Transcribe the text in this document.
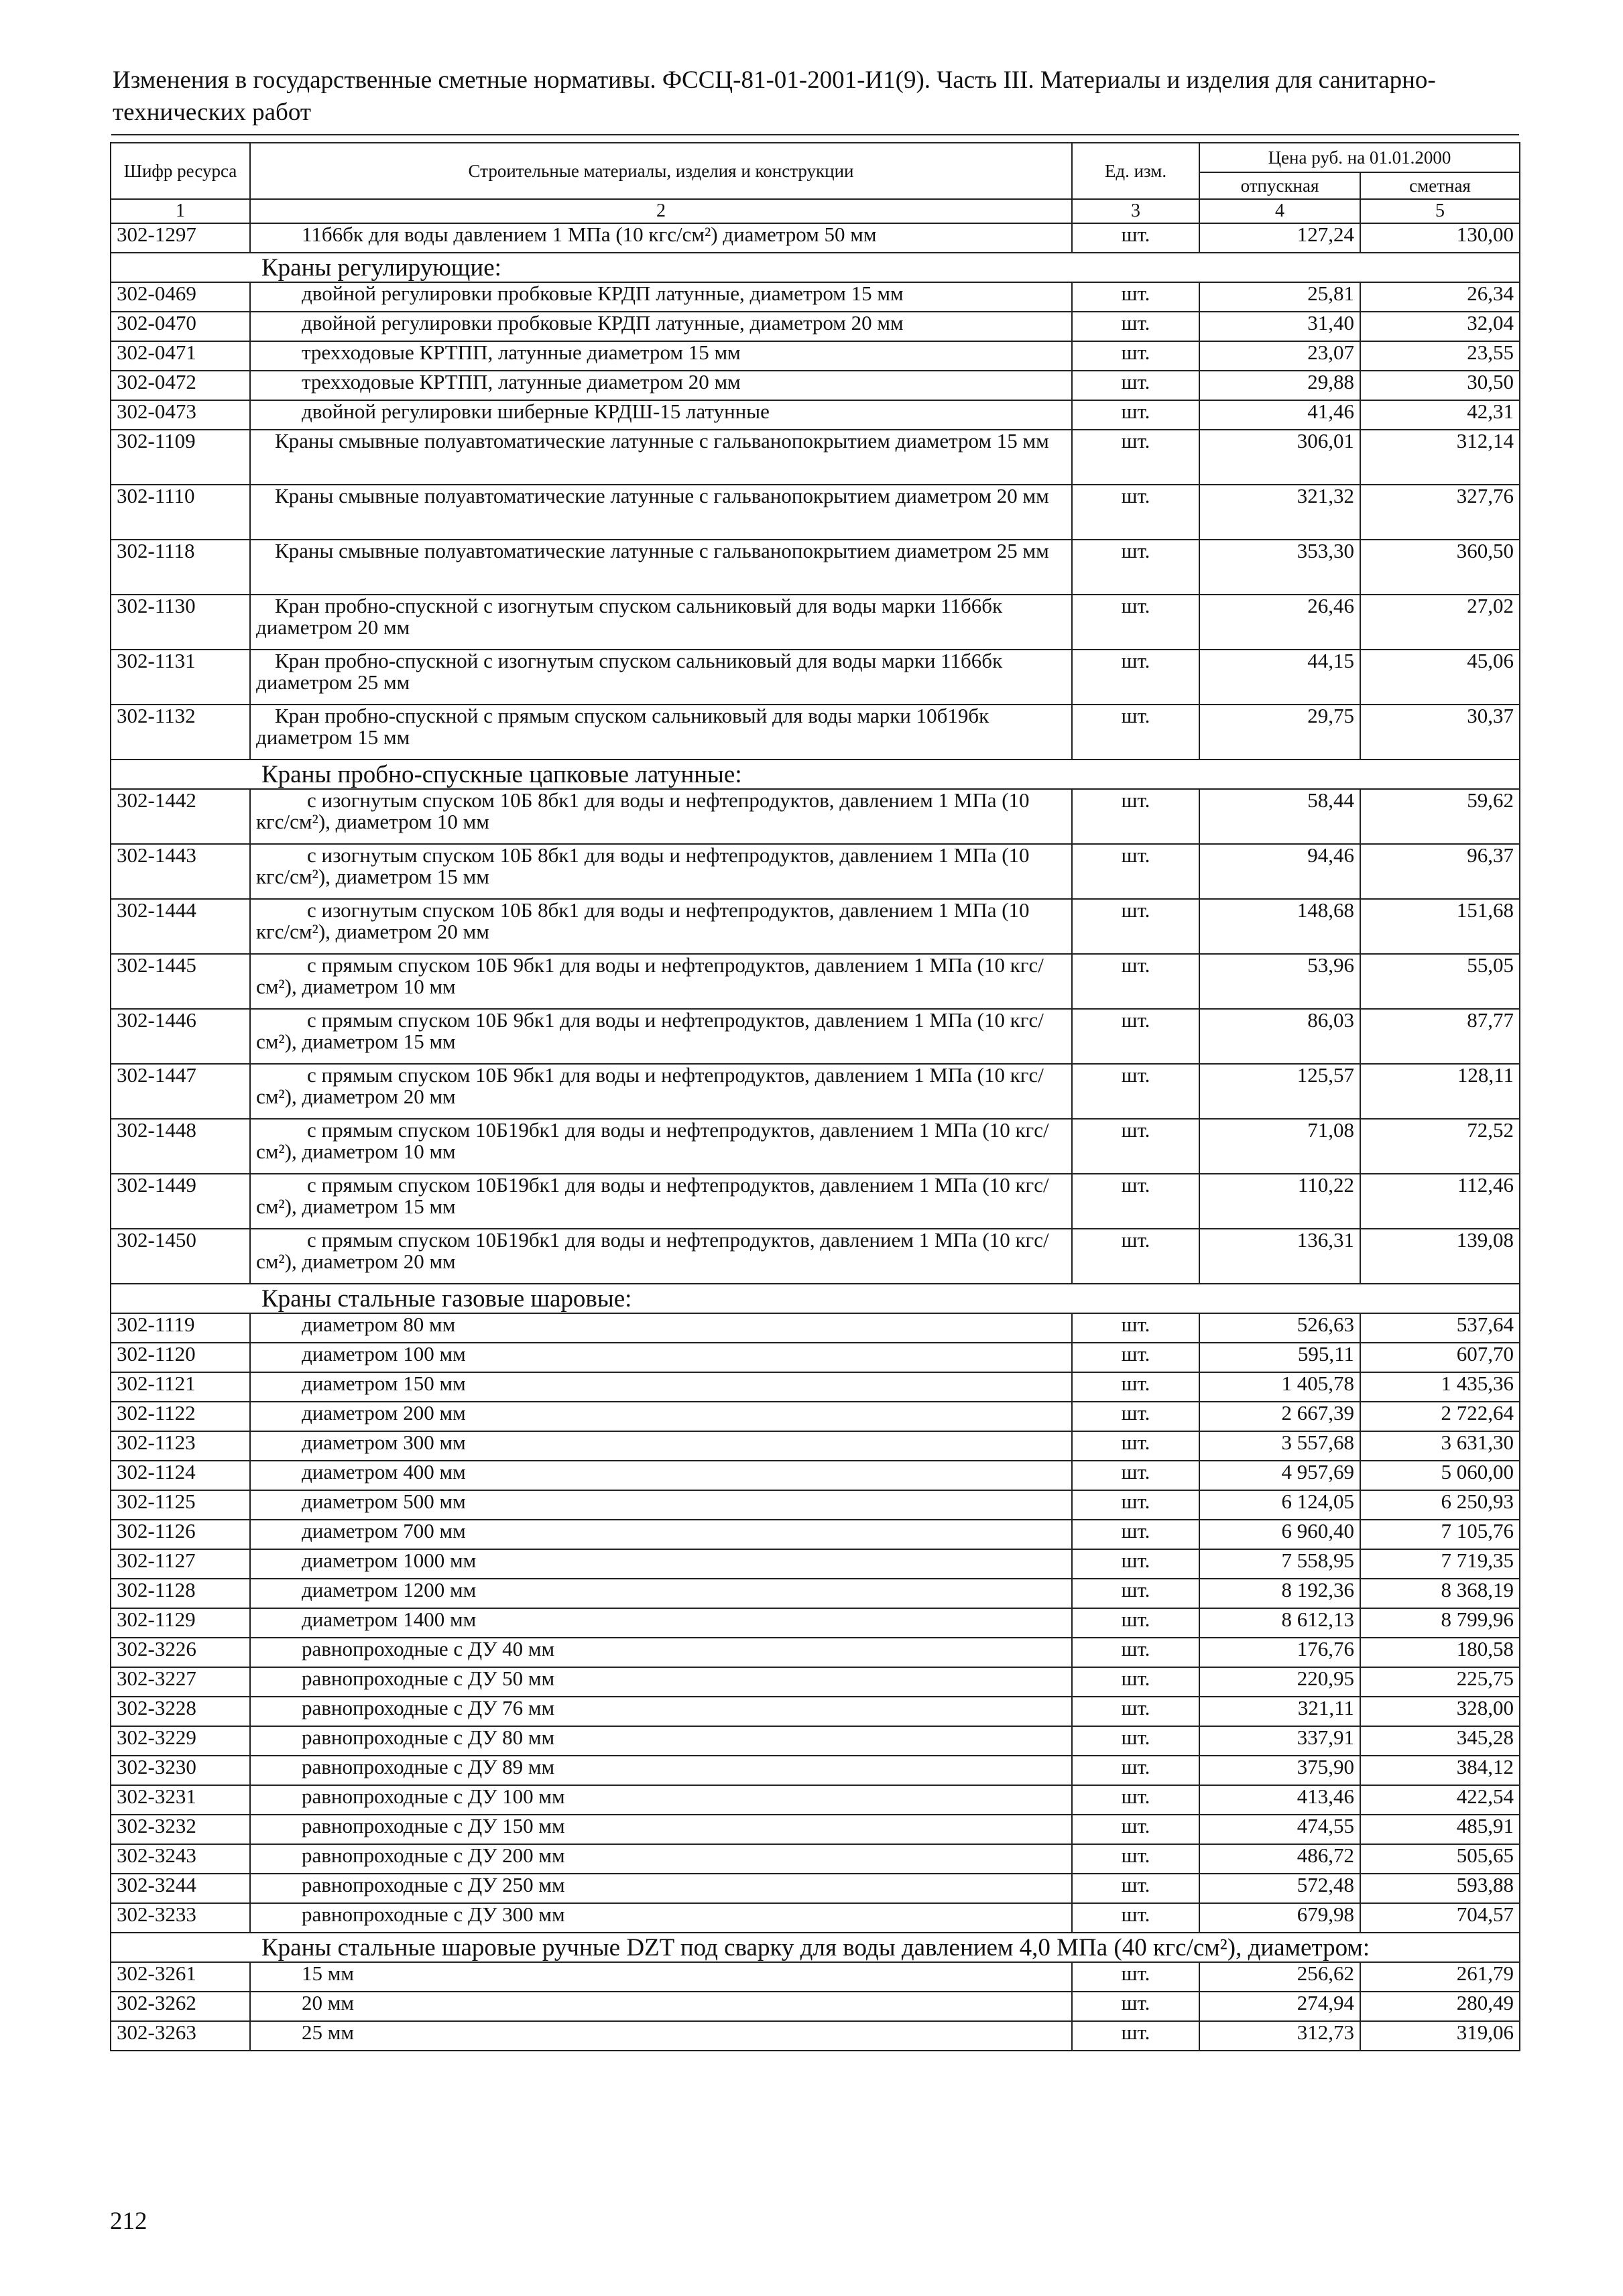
Изменения в государственные сметные нормативы. ФССЦ-81-01-2001-И1(9). Часть III. Материалы и изделия для санитарно-технических работ
Шифр ресурса	Строительные материалы, изделия и конструкции	Ед. изм.	Цена руб. на 01.01.2000	
			отпускная	сметная
1	2	3	4	5
302-1297	11б6бк для воды давлением 1 МПа (10 кгс/см²) диаметром 50 мм	шт.	127,24	130,00
Краны регулирующие:				
302-0469	двойной регулировки пробковые КРДП латунные, диаметром 15 мм	шт.	25,81	26,34
302-0470	двойной регулировки пробковые КРДП латунные, диаметром 20 мм	шт.	31,40	32,04
302-0471	трехходовые КРТПП, латунные диаметром 15 мм	шт.	23,07	23,55
302-0472	трехходовые КРТПП, латунные диаметром 20 мм	шт.	29,88	30,50
302-0473	двойной регулировки шиберные КРДШ-15 латунные	шт.	41,46	42,31
302-1109	Краны смывные полуавтоматические латунные с гальванопокрытием диаметром 15 мм	шт.	306,01	312,14
302-1110	Краны смывные полуавтоматические латунные с гальванопокрытием диаметром 20 мм	шт.	321,32	327,76
302-1118	Краны смывные полуавтоматические латунные с гальванопокрытием диаметром 25 мм	шт.	353,30	360,50
302-1130	Кран пробно-спускной с изогнутым спуском сальниковый для воды марки 11б6бк диаметром 20 мм	шт.	26,46	27,02
302-1131	Кран пробно-спускной с изогнутым спуском сальниковый для воды марки 11б6бк диаметром 25 мм	шт.	44,15	45,06
302-1132	Кран пробно-спускной с прямым спуском сальниковый для воды марки 10б19бк диаметром 15 мм	шт.	29,75	30,37
Краны пробно-спускные цапковые латунные:				
302-1442	с изогнутым спуском 10Б 8бк1 для воды и нефтепродуктов, давлением 1 МПа (10 кгс/см²), диаметром 10 мм	шт.	58,44	59,62
302-1443	с изогнутым спуском 10Б 8бк1 для воды и нефтепродуктов, давлением 1 МПа (10 кгс/см²), диаметром 15 мм	шт.	94,46	96,37
302-1444	с изогнутым спуском 10Б 8бк1 для воды и нефтепродуктов, давлением 1 МПа (10 кгс/см²), диаметром 20 мм	шт.	148,68	151,68
302-1445	с прямым спуском 10Б 9бк1 для воды и нефтепродуктов, давлением 1 МПа (10 кгс/см²), диаметром 10 мм	шт.	53,96	55,05
302-1446	с прямым спуском 10Б 9бк1 для воды и нефтепродуктов, давлением 1 МПа (10 кгс/см²), диаметром 15 мм	шт.	86,03	87,77
302-1447	с прямым спуском 10Б 9бк1 для воды и нефтепродуктов, давлением 1 МПа (10 кгс/см²), диаметром 20 мм	шт.	125,57	128,11
302-1448	с прямым спуском 10Б19бк1 для воды и нефтепродуктов, давлением 1 МПа (10 кгс/см²), диаметром 10 мм	шт.	71,08	72,52
302-1449	с прямым спуском 10Б19бк1 для воды и нефтепродуктов, давлением 1 МПа (10 кгс/см²), диаметром 15 мм	шт.	110,22	112,46
302-1450	с прямым спуском 10Б19бк1 для воды и нефтепродуктов, давлением 1 МПа (10 кгс/см²), диаметром 20 мм	шт.	136,31	139,08
Краны стальные газовые шаровые:				
302-1119	диаметром 80 мм	шт.	526,63	537,64
302-1120	диаметром 100 мм	шт.	595,11	607,70
302-1121	диаметром 150 мм	шт.	1 405,78	1 435,36
302-1122	диаметром 200 мм	шт.	2 667,39	2 722,64
302-1123	диаметром 300 мм	шт.	3 557,68	3 631,30
302-1124	диаметром 400 мм	шт.	4 957,69	5 060,00
302-1125	диаметром 500 мм	шт.	6 124,05	6 250,93
302-1126	диаметром 700 мм	шт.	6 960,40	7 105,76
302-1127	диаметром 1000 мм	шт.	7 558,95	7 719,35
302-1128	диаметром 1200 мм	шт.	8 192,36	8 368,19
302-1129	диаметром 1400 мм	шт.	8 612,13	8 799,96
302-3226	равнопроходные с ДУ 40 мм	шт.	176,76	180,58
302-3227	равнопроходные с ДУ 50 мм	шт.	220,95	225,75
302-3228	равнопроходные с ДУ 76 мм	шт.	321,11	328,00
302-3229	равнопроходные с ДУ 80 мм	шт.	337,91	345,28
302-3230	равнопроходные с ДУ 89 мм	шт.	375,90	384,12
302-3231	равнопроходные с ДУ 100 мм	шт.	413,46	422,54
302-3232	равнопроходные с ДУ 150 мм	шт.	474,55	485,91
302-3243	равнопроходные с ДУ 200 мм	шт.	486,72	505,65
302-3244	равнопроходные с ДУ 250 мм	шт.	572,48	593,88
302-3233	равнопроходные с ДУ 300 мм	шт.	679,98	704,57
Краны стальные шаровые ручные DZT под сварку для воды давлением 4,0 МПа (40 кгс/см²), диаметром:				
302-3261	15 мм	шт.	256,62	261,79
302-3262	20 мм	шт.	274,94	280,49
302-3263	25 мм	шт.	312,73	319,06
212
